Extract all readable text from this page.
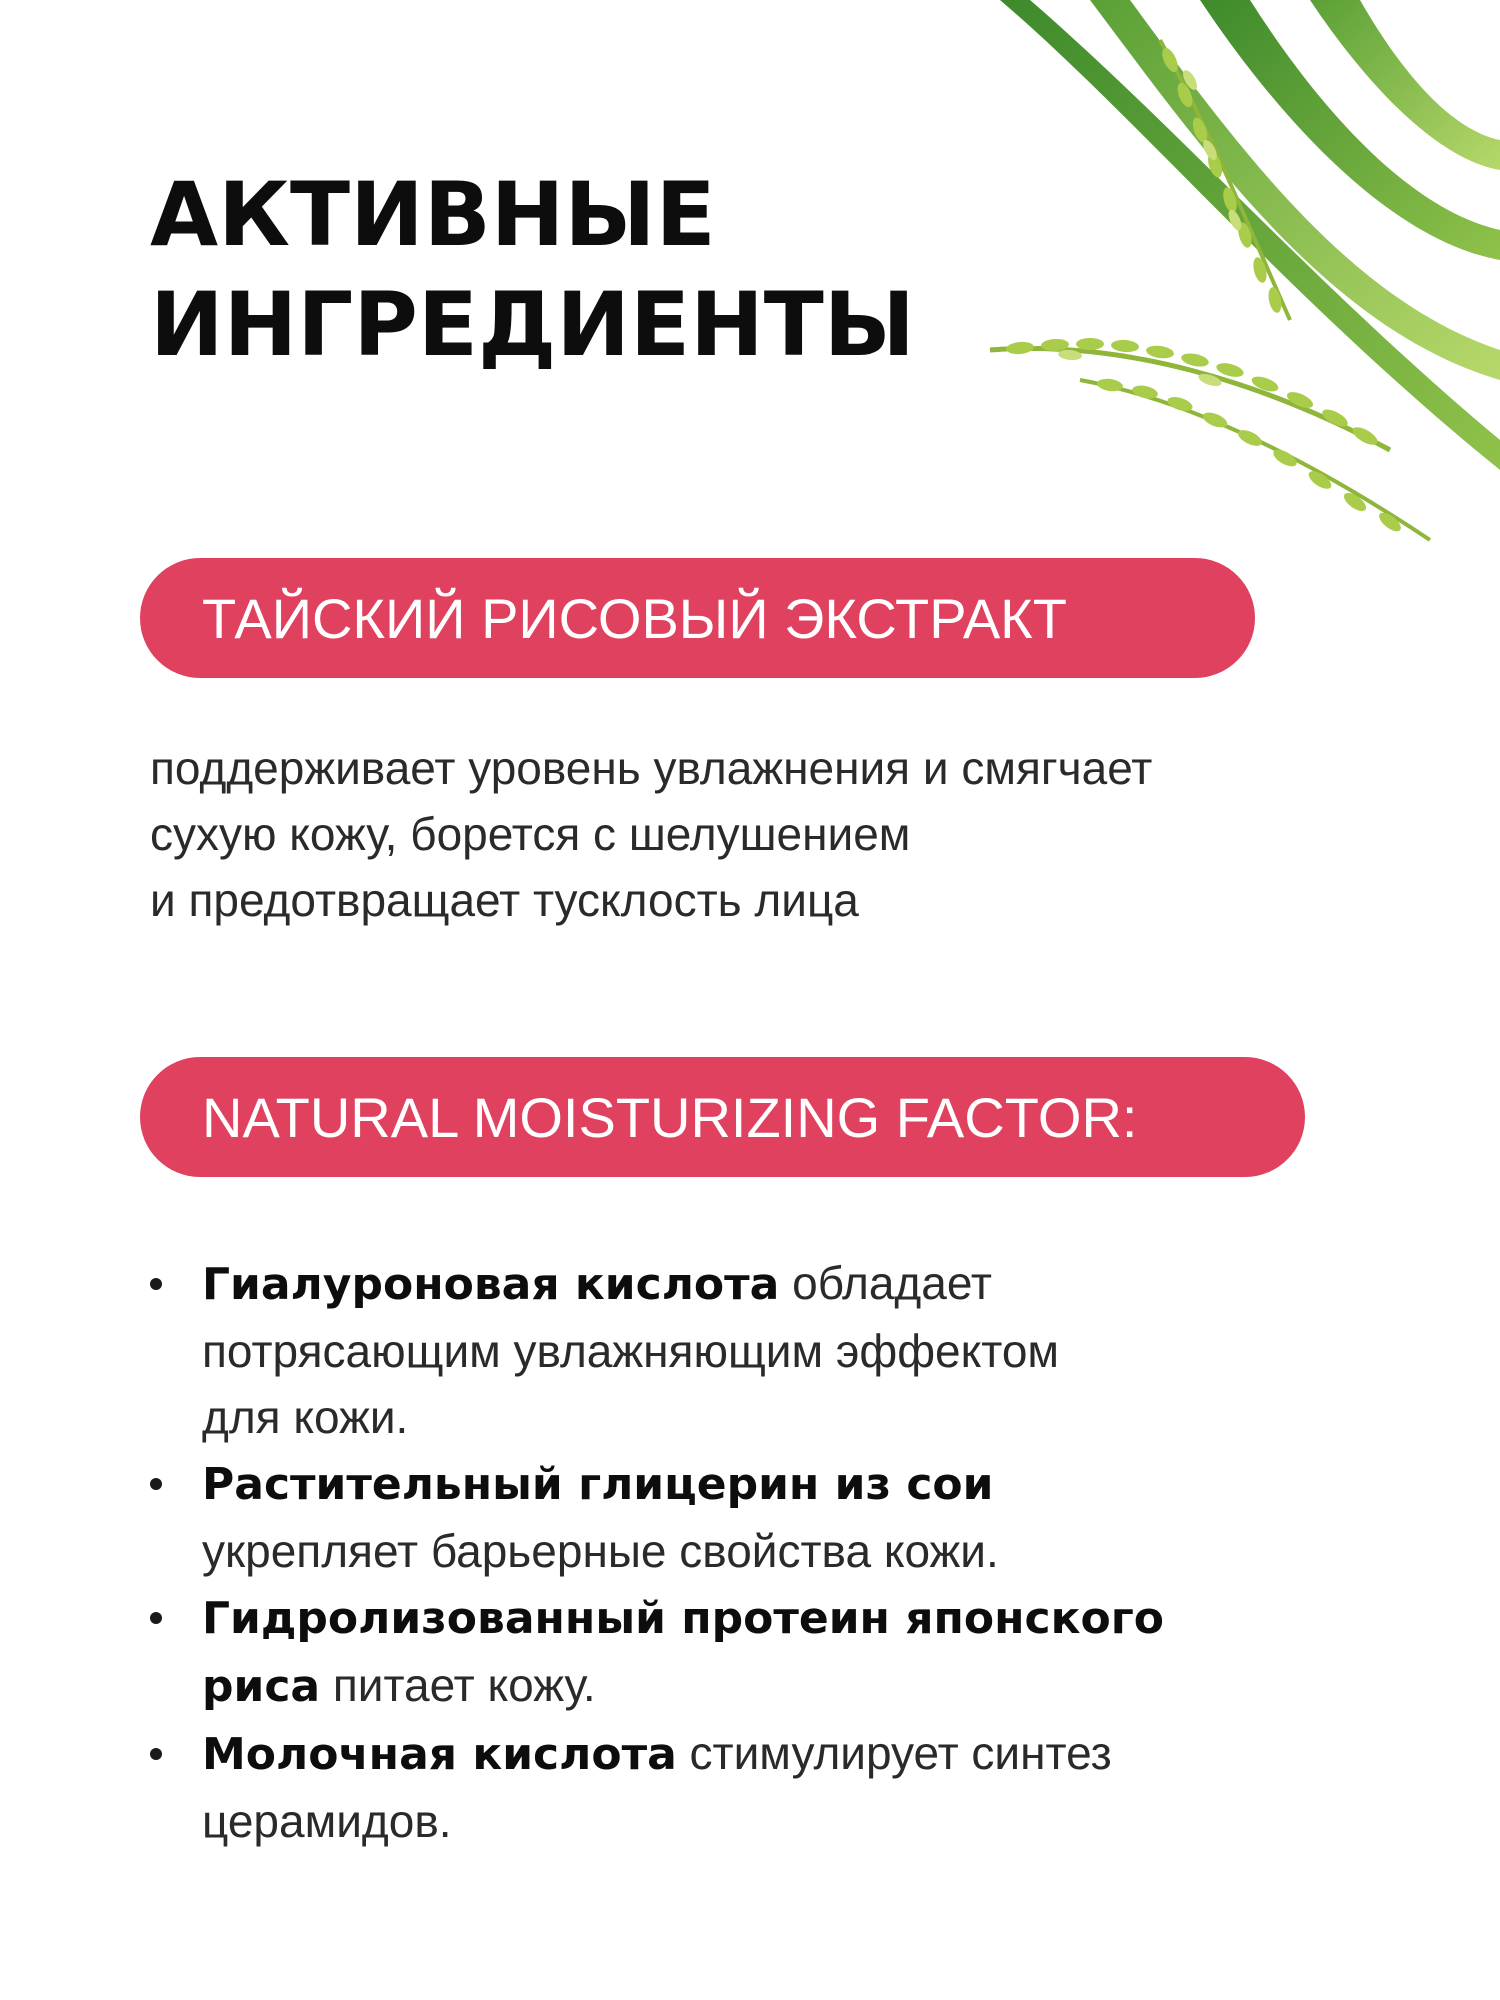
АКТИВНЫЕ
ИНГРЕДИЕНТЫ
ТАЙСКИЙ РИСОВЫЙ ЭКСТРАКТ

поддерживает уровень увлажнения и смягчает
сухую кожу, борется с шелушением
и предотвращает тусклость лица

NATURAL MOISTURIZING FACTOR:
Гиалуроновая кислота обладает
потрясающим увлажняющим эффектом
для кожи.
Растительный глицерин из сои
укрепляет барьерные свойства кожи.
Гидролизованный протеин японского
риса питает кожу.
Молочная кислота стимулирует синтез
церамидов.
